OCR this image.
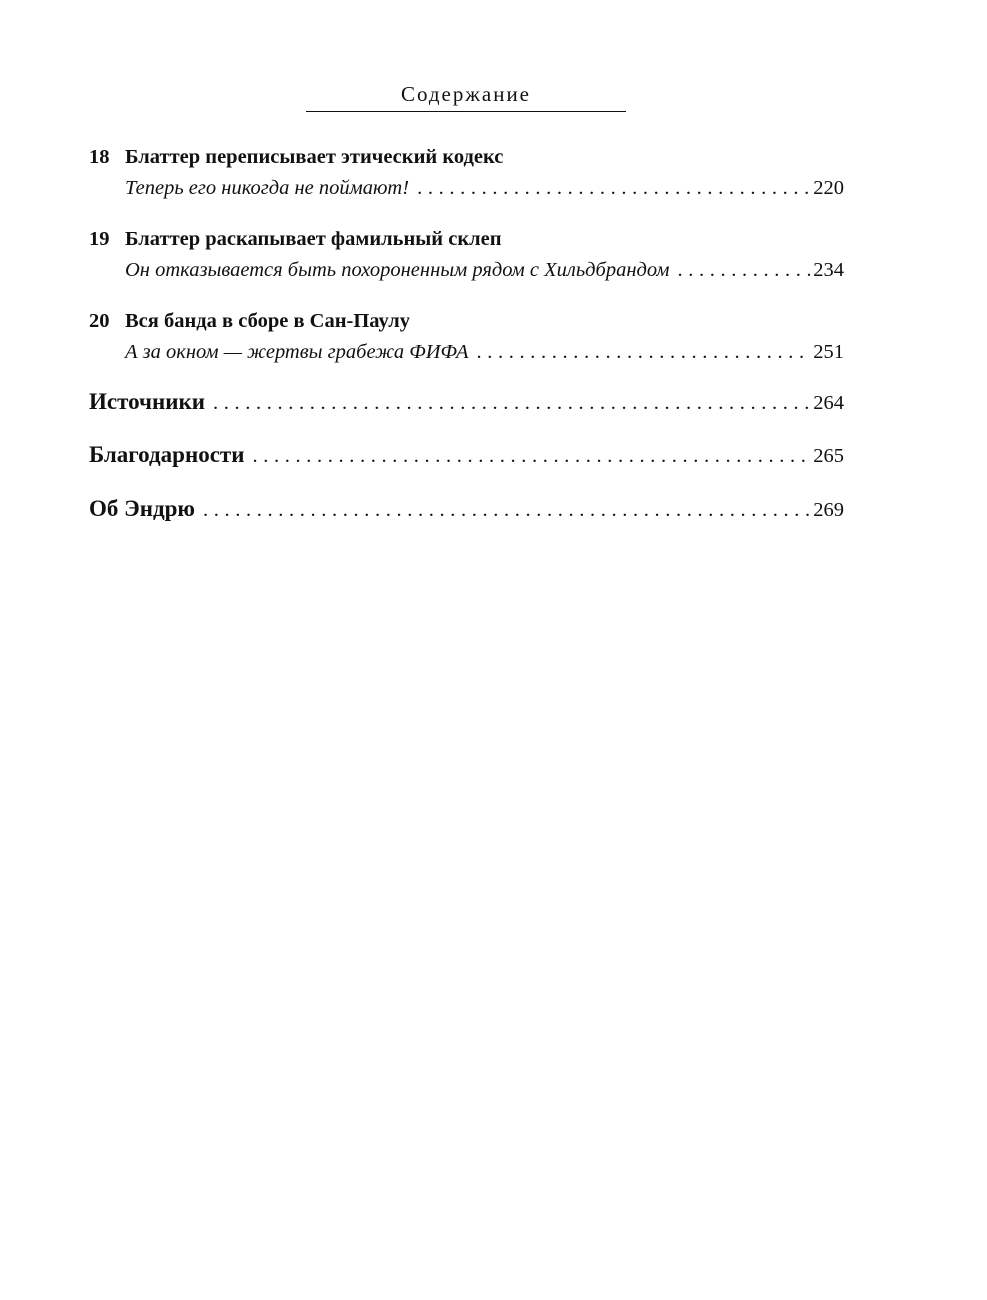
Содержание
18 Блаттер переписывает этический кодекс
Теперь его никогда не поймают! . . .	220
19 Блаттер раскапывает фамильный склеп
Он отказывается быть похороненным рядом с Хильдбрандом . . .	234
20 Вся банда в сборе в Сан-Паулу
А за окном — жертвы грабежа ФИФА . . .	251
Источники . . .	264
Благодарности . . .	265
Об Эндрю . . .	269
